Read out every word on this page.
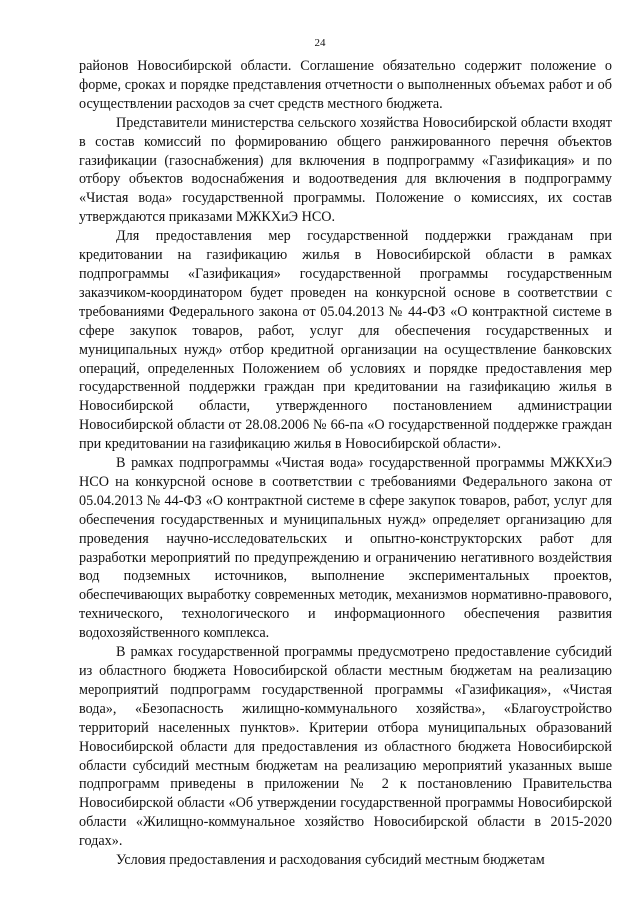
24

районов Новосибирской области. Соглашение обязательно содержит положение о форме, сроках и порядке представления отчетности о выполненных объемах работ и об осуществлении расходов за счет средств местного бюджета.

Представители министерства сельского хозяйства Новосибирской области входят в состав комиссий по формированию общего ранжированного перечня объектов газификации (газоснабжения) для включения в подпрограмму «Газификация» и по отбору объектов водоснабжения и водоотведения для включения в подпрограмму «Чистая вода» государственной программы. Положение о комиссиях, их состав утверждаются приказами МЖКХиЭ НСО.

Для предоставления мер государственной поддержки гражданам при кредитовании на газификацию жилья в Новосибирской области в рамках подпрограммы «Газификация» государственной программы государственным заказчиком-координатором будет проведен на конкурсной основе в соответствии с требованиями Федерального закона от 05.04.2013 № 44-ФЗ «О контрактной системе в сфере закупок товаров, работ, услуг для обеспечения государственных и муниципальных нужд» отбор кредитной организации на осуществление банковских операций, определенных Положением об условиях и порядке предоставления мер государственной поддержки граждан при кредитовании на газификацию жилья в Новосибирской области, утвержденного постановлением администрации Новосибирской области от 28.08.2006 № 66-па «О государственной поддержке граждан при кредитовании на газификацию жилья в Новосибирской области».

В рамках подпрограммы «Чистая вода» государственной программы МЖКХиЭ НСО на конкурсной основе в соответствии с требованиями Федерального закона от 05.04.2013 № 44-ФЗ «О контрактной системе в сфере закупок товаров, работ, услуг для обеспечения государственных и муниципальных нужд» определяет организацию для проведения научно-исследовательских и опытно-конструкторских работ для разработки мероприятий по предупреждению и ограничению негативного воздействия вод подземных источников, выполнение экспериментальных проектов, обеспечивающих выработку современных методик, механизмов нормативно-правового, технического, технологического и информационного обеспечения развития водохозяйственного комплекса.

В рамках государственной программы предусмотрено предоставление субсидий из областного бюджета Новосибирской области местным бюджетам на реализацию мероприятий подпрограмм государственной программы «Газификация», «Чистая вода», «Безопасность жилищно-коммунального хозяйства», «Благоустройство территорий населенных пунктов». Критерии отбора муниципальных образований Новосибирской области для предоставления из областного бюджета Новосибирской области субсидий местным бюджетам на реализацию мероприятий указанных выше подпрограмм приведены в приложении № 2 к постановлению Правительства Новосибирской области «Об утверждении государственной программы Новосибирской области «Жилищно-коммунальное хозяйство Новосибирской области в 2015-2020 годах».

Условия предоставления и расходования субсидий местным бюджетам
